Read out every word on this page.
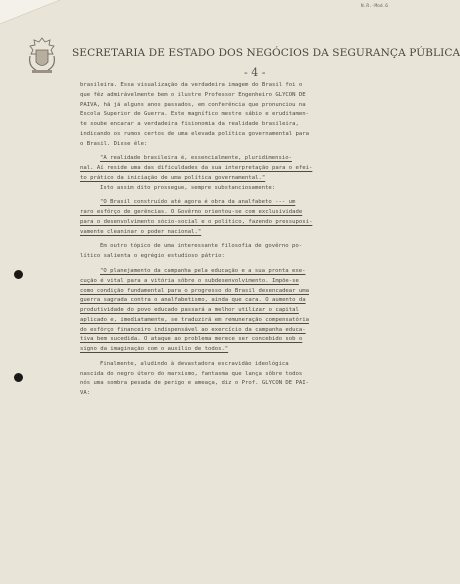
N.R.-Mod.6
SECRETARIA DE ESTADO DOS NEGÓCIOS DA SEGURANÇA PÚBLICA
- 4 -
brasileira. Essa visualização da verdadeira imagem do Brasil foi o
que fêz admirávelmente bem o ilustre Professor Engenheiro GLYCON DE
PAIVA, há já alguns anos passados, em conferência que pronunciou na
Escola Superior de Guerra. Este magnífico mestre sábio e eruditamen-
te soube encarar a verdadeira fisionomia da realidade brasileira,
indicando os rumos certos de uma elevada política governamental para
o Brasil. Disse êle:
"A realidade brasileira é, essencialmente, pluridimensio-
nal. Aí reside uma das dificuldades da sua interpretação para o efei-
to prático da iniciação de uma política governamental."
Isto assim dito prossegue, sempre substanciosamente:
"O Brasil construído até agora é obra da analfabeto --- um
raro esfôrço de gerências. O Govêrno orientou-se com exclusividade
para o desenvolvimento sócio-social e o político, fazendo pressuposi-
vamente cleaninar o poder nacional."
Em outro tópico de uma interessante filosofia de govêrno po-
lítico salienta o egrégio estudioso pátrio:
"O planejamento da campanha pela educação e a sua pronta exe-
cução é vital para a vitória sôbre o subdesenvolvimento. Impõe-se
como condição fundamental para o progresso do Brasil desencadear uma
guerra sagrada contra o analfabetismo, ainda que cara. O aumento da
produtividade do povo educado passará a melhor utilizar o capital
aplicado e, imediatamente, se traduzirá em remuneração compensatória
do esfôrço financeiro indispensável ao exercício da campanha educa-
tiva bem sucedida. O ataque ao problema merece ser concebido sob o
signo da imaginação com o auxílio de todos."
Finalmente, aludindo à devastadora escravidão ideológica
nascida do negro útero do marxismo, fantasma que lança sôbre todos
nós uma sombra pesada de perigo e ameaça, diz o Prof. GLYCON DE PAI-
VA:
